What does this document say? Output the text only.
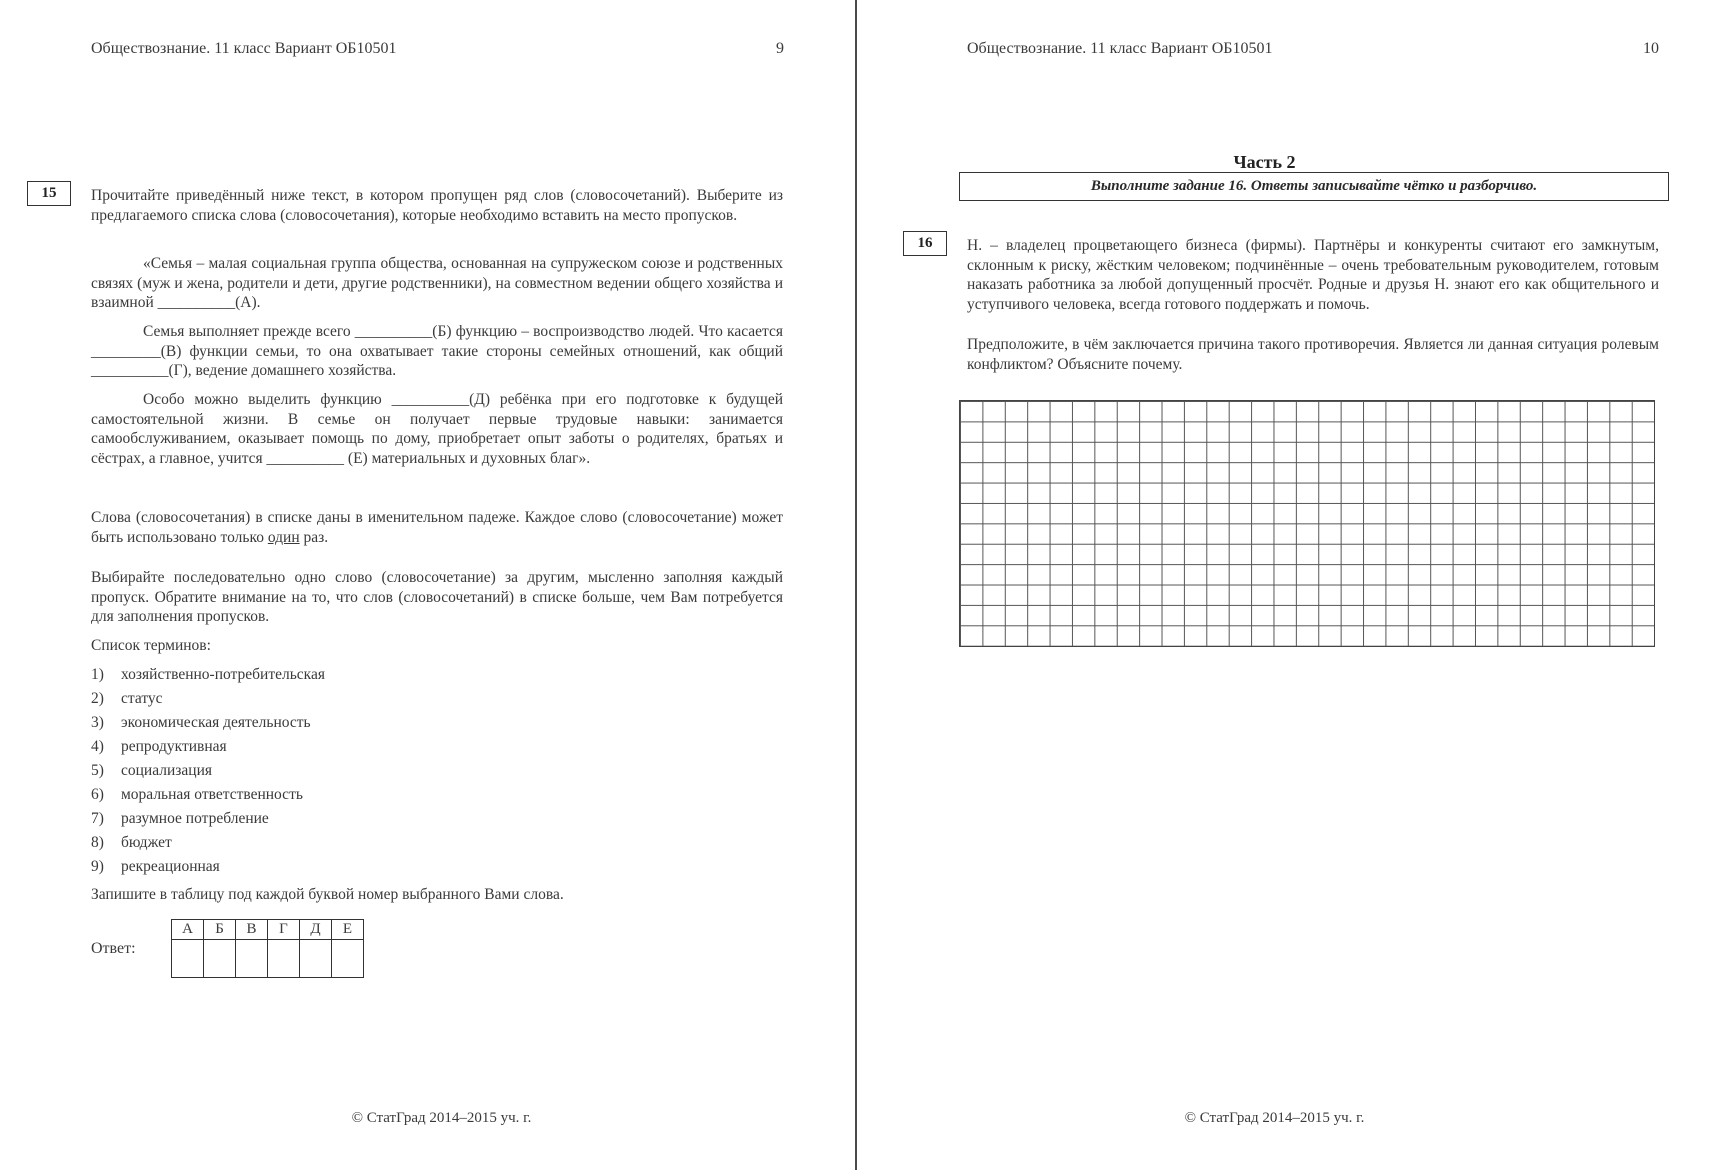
Обществознание. 11 класс Вариант ОБ10501	9
15	Прочитайте приведённый ниже текст, в котором пропущен ряд слов (словосочетаний). Выберите из предлагаемого списка слова (словосочетания), которые необходимо вставить на место пропусков.
«Семья – малая социальная группа общества, основанная на супружеском союзе и родственных связях (муж и жена, родители и дети, другие родственники), на совместном ведении общего хозяйства и взаимной __________(А).
Семья выполняет прежде всего __________(Б) функцию – воспроизводство людей. Что касается _________(В) функции семьи, то она охватывает такие стороны семейных отношений, как общий __________(Г), ведение домашнего хозяйства.
Особо можно выделить функцию __________(Д) ребёнка при его подготовке к будущей самостоятельной жизни. В семье он получает первые трудовые навыки: занимается самообслуживанием, оказывает помощь по дому, приобретает опыт заботы о родителях, братьях и сёстрах, а главное, учится __________ (Е) материальных и духовных благ».
Слова (словосочетания) в списке даны в именительном падеже. Каждое слово (словосочетание) может быть использовано только один раз.
Выбирайте последовательно одно слово (словосочетание) за другим, мысленно заполняя каждый пропуск. Обратите внимание на то, что слов (словосочетаний) в списке больше, чем Вам потребуется для заполнения пропусков.
Список терминов:
1)	хозяйственно-потребительская
2)	статус
3)	экономическая деятельность
4)	репродуктивная
5)	социализация
6)	моральная ответственность
7)	разумное потребление
8)	бюджет
9)	рекреационная
Запишите в таблицу под каждой буквой номер выбранного Вами слова.
Ответ:
А	Б	В	Г	Д	Е

© СтатГрад 2014–2015 уч. г.
Обществознание. 11 класс Вариант ОБ10501	10
Часть 2
Выполните задание 16. Ответы записывайте чётко и разборчиво.
16	Н. – владелец процветающего бизнеса (фирмы). Партнёры и конкуренты считают его замкнутым, склонным к риску, жёстким человеком; подчинённые – очень требовательным руководителем, готовым наказать работника за любой допущенный просчёт. Родные и друзья Н. знают его как общительного и уступчивого человека, всегда готового поддержать и помочь.
Предположите, в чём заключается причина такого противоречия. Является ли данная ситуация ролевым конфликтом? Объясните почему.
© СтатГрад 2014–2015 уч. г.
